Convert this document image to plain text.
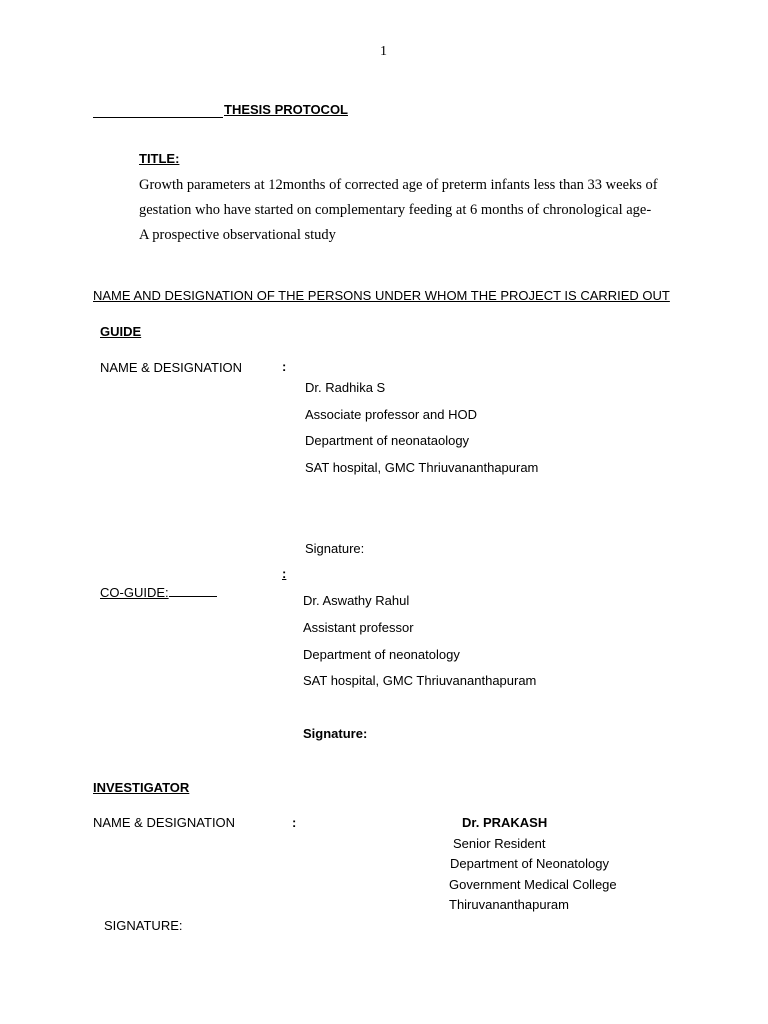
1
THESIS PROTOCOL
TITLE:
Growth parameters at 12months of corrected age of preterm infants less than 33 weeks of gestation who have started on complementary feeding at 6 months of chronological age- A prospective observational study
NAME AND DESIGNATION OF THE PERSONS UNDER WHOM THE PROJECT IS CARRIED OUT
GUIDE
NAME & DESIGNATION	:
Dr. Radhika S
Associate professor and HOD
Department of neonataology
SAT hospital, GMC Thriuvananthapuram
Signature:
:
CO-GUIDE:
Dr. Aswathy Rahul
Assistant professor
Department of neonatology
SAT hospital, GMC Thriuvananthapuram
Signature:
INVESTIGATOR
NAME & DESIGNATION	:	Dr. PRAKASH
Senior Resident
Department of Neonatology
Government Medical College
Thiruvananthapuram
SIGNATURE:
